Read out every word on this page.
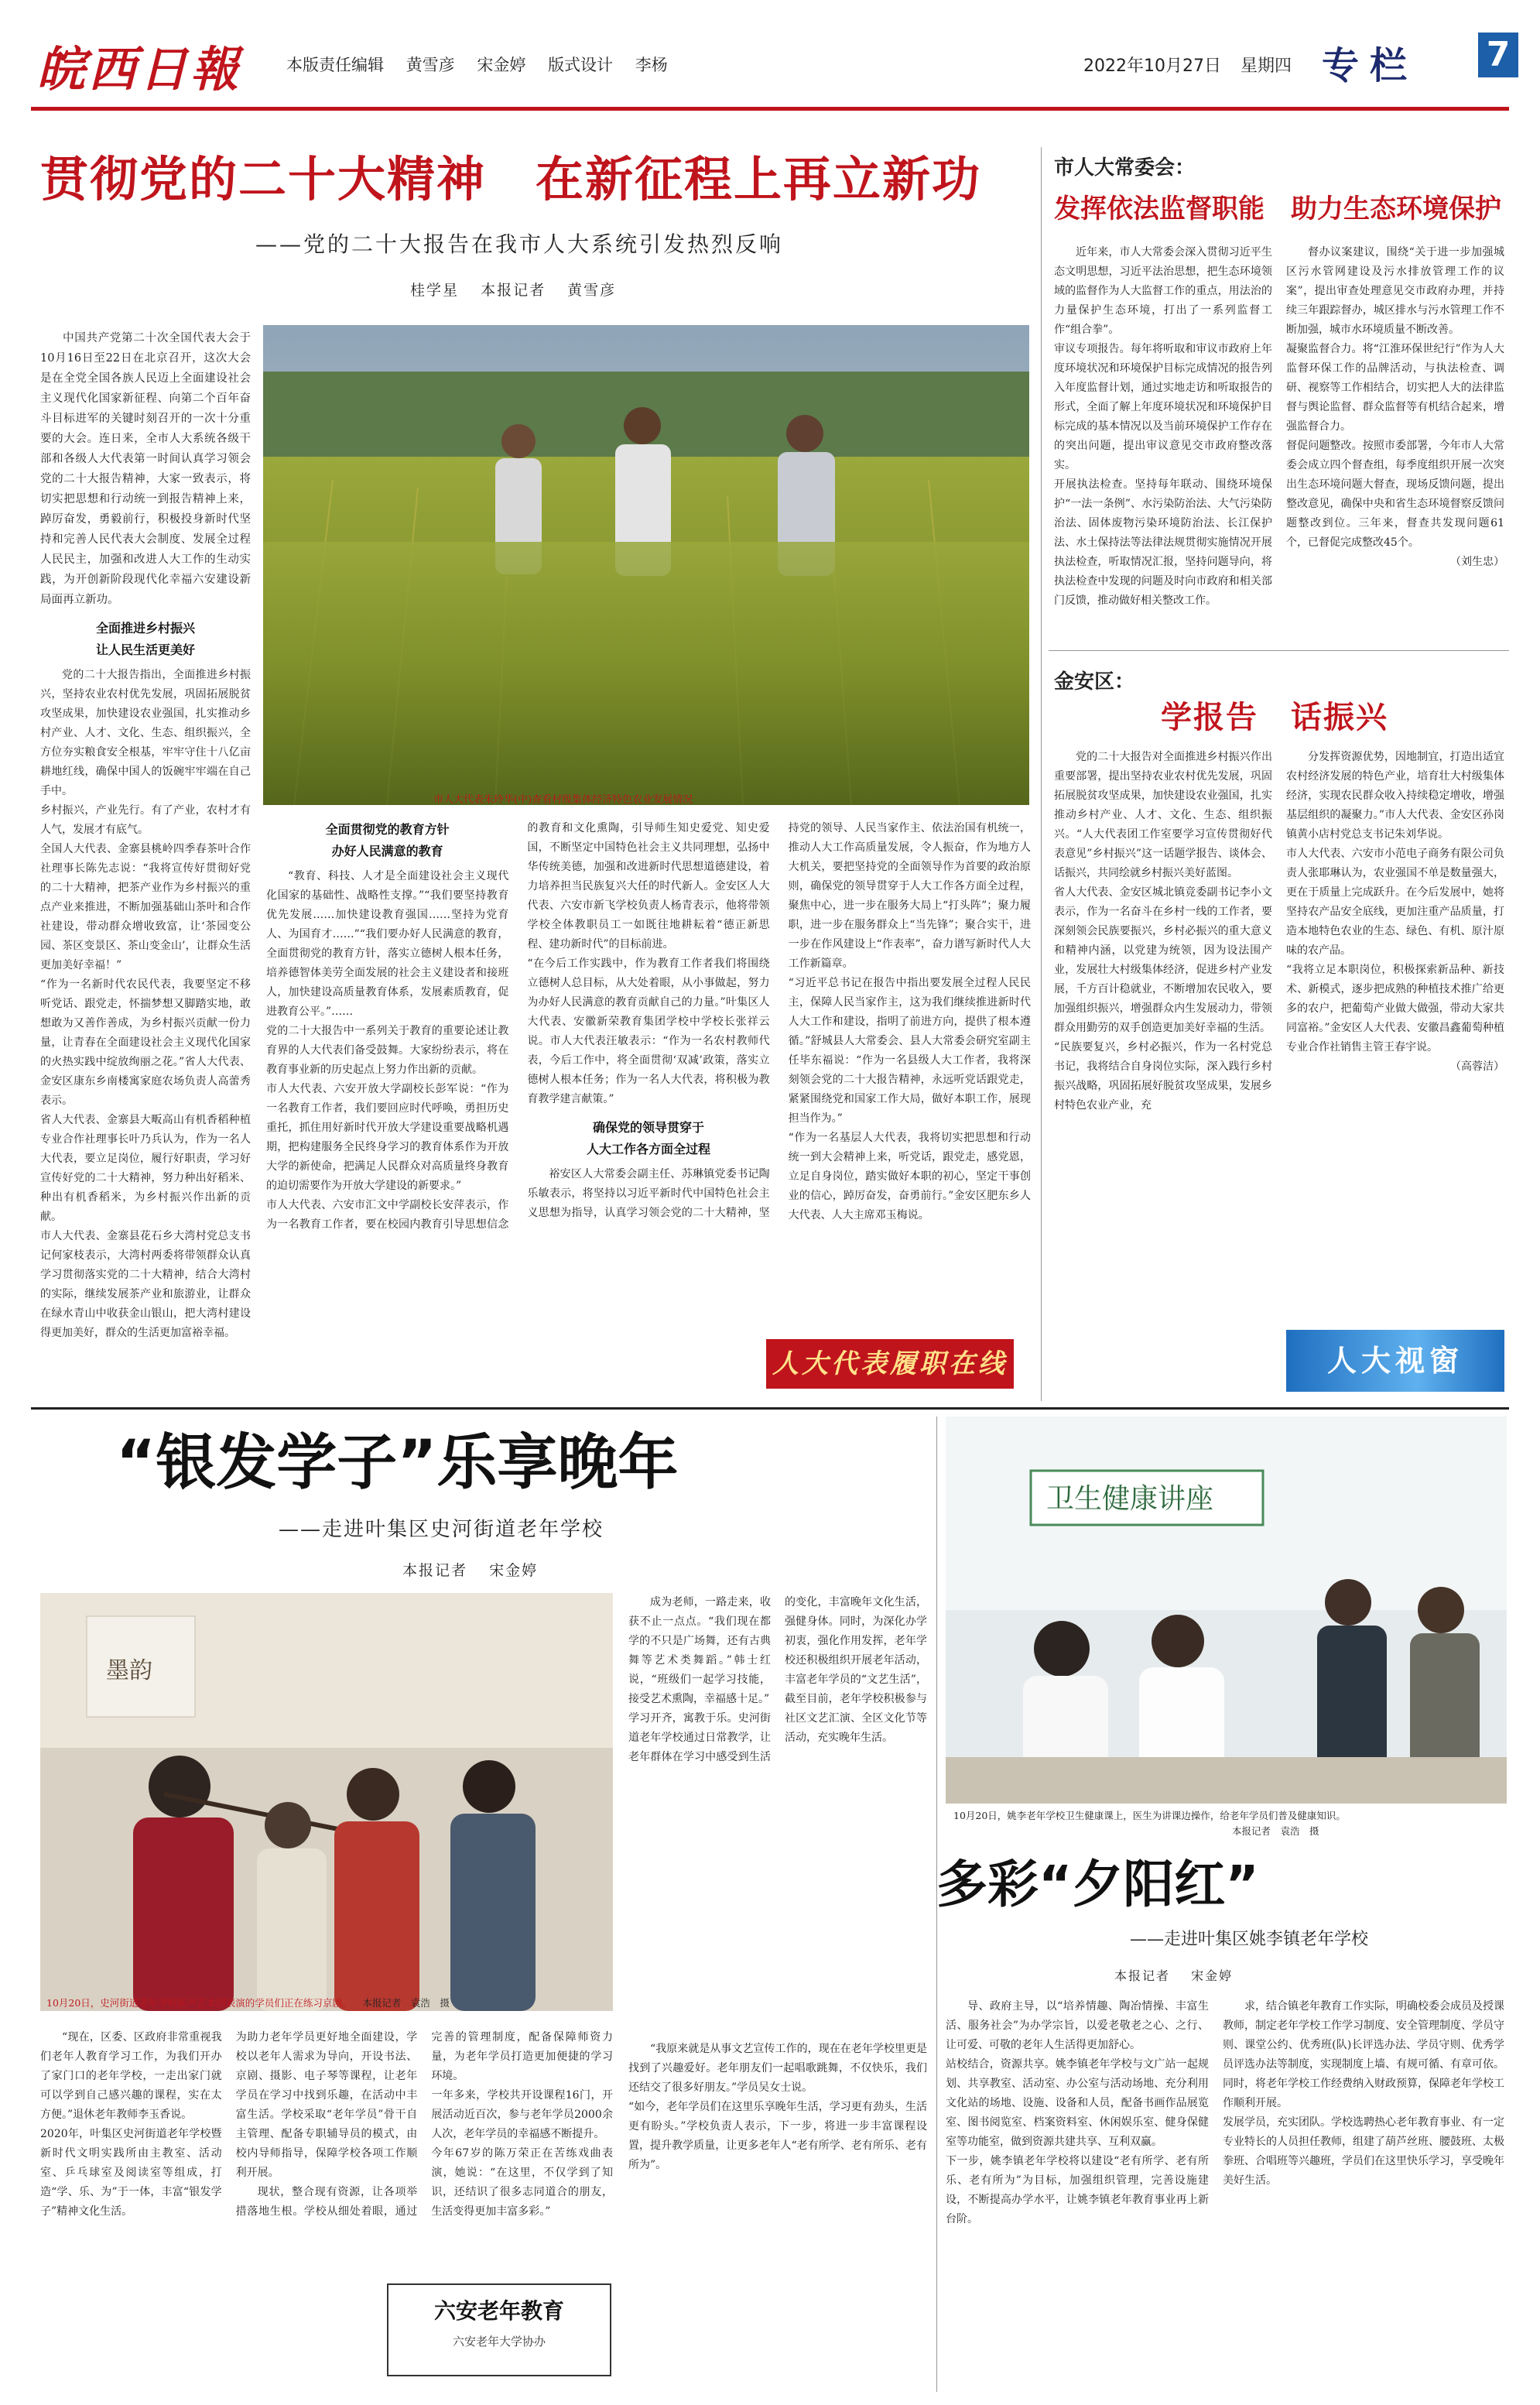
皖西日報	本版责任编辑 黄雪彦 宋金婷 版式设计 李杨	2022年10月27日 星期四 专栏 7
贯彻党的二十大精神　在新征程上再立新功
——党的二十大报告在我市人大系统引发热烈反响
桂学星 本报记者 黄雪彦
市人大代表朱玲华(中)查看村级集体经济特色农业发展情况

中国共产党第二十次全国代表大会于10月16日至22日在北京召开，这次大会是在全党全国各族人民迈上全面建设社会主义现代化国家新征程、向第二个百年奋斗目标进军的关键时刻召开的一次十分重要的大会。连日来，全市人大系统各级干部和各级人大代表第一时间认真学习领会党的二十大报告精神，大家一致表示，将切实把思想和行动统一到报告精神上来，踔厉奋发，勇毅前行，积极投身新时代坚持和完善人民代表大会制度、发展全过程人民民主，加强和改进人大工作的生动实践，为开创新阶段现代化幸福六安建设新局面再立新功。

全面推进乡村振兴
让人民生活更美好

党的二十大报告指出，全面推进乡村振兴，坚持农业农村优先发展，巩固拓展脱贫攻坚成果，加快建设农业强国，扎实推动乡村产业、人才、文化、生态、组织振兴，全方位夯实粮食安全根基，牢牢守住十八亿亩耕地红线，确保中国人的饭碗牢牢端在自己手中。
乡村振兴，产业先行。有了产业，农村才有人气，发展才有底气。
全国人大代表、金寨县桃岭四季春茶叶合作社理事长陈先志说：“我将宣传好贯彻好党的二十大精神，把茶产业作为乡村振兴的重点产业来推进，不断加强基础山茶叶和合作社建设，带动群众增收致富，让‘茶园变公园、茶区变景区、茶山变金山’，让群众生活更加美好幸福！”
“作为一名新时代农民代表，我要坚定不移听党话、跟党走，怀揣梦想又脚踏实地，敢想敢为又善作善成，为乡村振兴贡献一份力量，让青春在全面建设社会主义现代化国家的火热实践中绽放绚丽之花。”省人大代表、金安区康东乡南楼寓家庭农场负责人高蕾秀表示。
省人大代表、金寨县大畈高山有机香稻种植专业合作社理事长叶乃兵认为，作为一名人大代表，要立足岗位，履行好职责，学习好宣传好党的二十大精神，努力种出好稻米、种出有机香稻米，为乡村振兴作出新的贡献。
市人大代表、金寨县花石乡大湾村党总支书记何家枝表示，大湾村两委将带领群众认真学习贯彻落实党的二十大精神，结合大湾村的实际，继续发展茶产业和旅游业，让群众在绿水青山中收获金山银山，把大湾村建设得更加美好，群众的生活更加富裕幸福。

全面贯彻党的教育方针
办好人民满意的教育

“教育、科技、人才是全面建设社会主义现代化国家的基础性、战略性支撑。”“我们要坚持教育优先发展……加快建设教育强国……坚持为党育人、为国育才……”“我们要办好人民满意的教育，全面贯彻党的教育方针，落实立德树人根本任务，培养德智体美劳全面发展的社会主义建设者和接班人，加快建设高质量教育体系，发展素质教育，促进教育公平。”……
党的二十大报告中一系列关于教育的重要论述让教育界的人大代表们备受鼓舞。大家纷纷表示，将在教育事业新的历史起点上努力作出新的贡献。
市人大代表、六安开放大学副校长彭军说：“作为一名教育工作者，我们要回应时代呼唤，勇担历史重托，抓住用好新时代开放大学建设重要战略机遇期，把构建服务全民终身学习的教育体系作为开放大学的新使命，把满足人民群众对高质量终身教育的迫切需要作为开放大学建设的新要求。”
市人大代表、六安市汇文中学副校长安萍表示，作为一名教育工作者，要在校园内教育引导思想信念的教育和文化熏陶，引导师生知史爱党、知史爱国，不断坚定中国特色社会主义共同理想，弘扬中华传统美德，加强和改进新时代思想道德建设，着力培养担当民族复兴大任的时代新人。金安区人大代表、六安市新飞学校负责人杨青表示，他将带领学校全体教职员工一如既往地耕耘着“德正新思程、建功新时代”的目标前进。
“在今后工作实践中，作为教育工作者我们将围绕立德树人总目标，从大处着眼，从小事做起，努力为办好人民满意的教育贡献自己的力量。”叶集区人大代表、安徽新荣教育集团学校中学校长张祥云说。市人大代表汪敏表示：“作为一名农村教师代表，今后工作中，将全面贯彻‘双减’政策，落实立德树人根本任务；作为一名人大代表，将积极为教育教学建言献策。”

确保党的领导贯穿于
人大工作各方面全过程

裕安区人大常委会副主任、苏琳镇党委书记陶乐敏表示，将坚持以习近平新时代中国特色社会主义思想为指导，认真学习领会党的二十大精神，坚持党的领导、人民当家作主、依法治国有机统一，推动人大工作高质量发展，令人振奋，作为地方人大机关，要把坚持党的全面领导作为首要的政治原则，确保党的领导贯穿于人大工作各方面全过程，聚焦中心，进一步在服务大局上“打头阵”；聚力履职，进一步在服务群众上“当先锋”；聚合实干，进一步在作风建设上“作表率”，奋力谱写新时代人大工作新篇章。
“习近平总书记在报告中指出要发展全过程人民民主，保障人民当家作主，这为我们继续推进新时代人大工作和建设，指明了前进方向，提供了根本遵循。”舒城县人大常委会、县人大常委会研究室副主任毕东福说：“作为一名县级人大工作者，我将深刻领会党的二十大报告精神，永远听党话跟党走，紧紧围绕党和国家工作大局，做好本职工作，展现担当作为。”
“作为一名基层人大代表，我将切实把思想和行动统一到大会精神上来，听党话，跟党走，感党恩，立足自身岗位，踏实做好本职的初心，坚定干事创业的信心，踔厉奋发，奋勇前行。”金安区肥东乡人大代表、人大主席邓玉梅说。

人大代表履职在线
市人大常委会：
发挥依法监督职能　助力生态环境保护

近年来，市人大常委会深入贯彻习近平生态文明思想，习近平法治思想，把生态环境领域的监督作为人大监督工作的重点，用法治的力量保护生态环境，打出了一系列监督工作“组合拳”。
审议专项报告。每年将听取和审议市政府上年度环境状况和环境保护目标完成情况的报告列入年度监督计划，通过实地走访和听取报告的形式，全面了解上年度环境状况和环境保护目标完成的基本情况以及当前环境保护工作存在的突出问题，提出审议意见交市政府整改落实。
开展执法检查。坚持每年联动、围绕环境保护“一法一条例”、水污染防治法、大气污染防治法、固体废物污染环境防治法、长江保护法、水土保持法等法律法规贯彻实施情况开展执法检查，听取情况汇报，坚持问题导向，将执法检查中发现的问题及时向市政府和相关部门反馈，推动做好相关整改工作。

督办议案建议，围绕“关于进一步加强城区污水管网建设及污水排放管理工作的议案”，提出审查处理意见交市政府办理，并持续三年跟踪督办，城区排水与污水管理工作不断加强，城市水环境质量不断改善。
凝聚监督合力。将“江淮环保世纪行”作为人大监督环保工作的品牌活动，与执法检查、调研、视察等工作相结合，切实把人大的法律监督与舆论监督、群众监督等有机结合起来，增强监督合力。
督促问题整改。按照市委部署，今年市人大常委会成立四个督查组，每季度组织开展一次突出生态环境问题大督查，现场反馈问题，提出整改意见，确保中央和省生态环境督察反馈问题整改到位。三年来，督查共发现问题61个，已督促完成整改45个。

（刘生忠）
金安区：
学报告　话振兴

党的二十大报告对全面推进乡村振兴作出重要部署，提出坚持农业农村优先发展，巩固拓展脱贫攻坚成果，加快建设农业强国，扎实推动乡村产业、人才、文化、生态、组织振兴。“人大代表团工作室要学习宣传贯彻好代表意见”乡村振兴”这一话题学报告、谈体会、话振兴，共同绘就乡村振兴美好蓝图。
省人大代表、金安区城北镇竞委副书记李小文表示，作为一名奋斗在乡村一线的工作者，要深刻领会民族要振兴，乡村必振兴的重大意义和精神内涵，以党建为统领，因为设法围产业，发展壮大村级集体经济，促进乡村产业发展，千方百计稳就业，不断增加农民收入，要加强组织振兴，增强群众内生发展动力，带领群众用勤劳的双手创造更加美好幸福的生活。
“民族要复兴，乡村必振兴，作为一名村党总书记，我将结合自身岗位实际，深入践行乡村振兴战略，巩固拓展好脱贫攻坚成果，发展乡村特色农业产业，充

分发挥资源优势，因地制宜，打造出适宜农村经济发展的特色产业，培育壮大村级集体经济，实现农民群众收入持续稳定增收，增强基层组织的凝聚力。”市人大代表、金安区孙岗镇黄小店村党总支书记朱刘华说。
市人大代表、六安市小范电子商务有限公司负责人张耶琳认为，农业强国不单是数量强大，更在于质量上完成跃升。在今后发展中，她将坚持农产品安全底线，更加注重产品质量，打造本地特色农业的生态、绿色、有机、原汁原味的农产品。
“我将立足本职岗位，积极探索新品种、新技术、新模式，逐步把成熟的种植技术推广给更多的农户，把葡萄产业做大做强，带动大家共同富裕。”金安区人大代表、安徽昌鑫葡萄种植专业合作社销售主管王春宇说。

（高蓉洁）
人大视窗
“银发学子”乐享晚年
——走进叶集区史河街道老年学校
本报记者 宋金婷
墨韵
10月20日，史河街道老年学校新声艺术团表演的学员们正在练习京剧。 本报记者　袁浩　摄

成为老师，一路走来，收获不止一点点。“我们现在都学的不只是广场舞，还有古典舞等艺术类舞蹈。”韩士红说，“班级们一起学习技能，接受艺术熏陶，幸福感十足。”
学习开齐，寓教于乐。史河街道老年学校通过日常教学，让老年群体在学习中感受到生活的变化，丰富晚年文化生活，强健身体。同时，为深化办学初衷，强化作用发挥，老年学校还积极组织开展老年活动，丰富老年学员的“文艺生活”，截至目前，老年学校积极参与社区文艺汇演、全区文化节等活动，充实晚年生活。

“现在，区委、区政府非常重视我们老年人教育学习工作，为我们开办了家门口的老年学校，一走出家门就可以学到自己感兴趣的课程，实在太方便。”退休老年教师李玉香说。
2020年，叶集区史河街道老年学校暨新时代文明实践所由主教室、活动室、乒乓球室及阅读室等组成，打造“学、乐、为”于一体，丰富“银发学子”精神文化生活。
为助力老年学员更好地全面建设，学校以老年人需求为导向，开设书法、京剧、摄影、电子琴等课程，让老年学员在学习中找到乐趣，在活动中丰富生活。学校采取“老年学员”骨干自主管理、配备专职辅导员的模式，由校内导师指导，保障学校各项工作顺利开展。

现状，整合现有资源，让各项举措落地生根。学校从细处着眼，通过完善的管理制度，配备保障师资力量，为老年学员打造更加便捷的学习环境。
一年多来，学校共开设课程16门，开展活动近百次，参与老年学员2000余人次，老年学员的幸福感不断提升。
今年67岁的陈万荣正在苦练戏曲表演，她说：“在这里，不仅学到了知识，还结识了很多志同道合的朋友，生活变得更加丰富多彩。”

“我原来就是从事文艺宣传工作的，现在在老年学校里更是找到了兴趣爱好。老年朋友们一起唱歌跳舞，不仅快乐，我们还结交了很多好朋友。”学员吴女士说。
“如今，老年学员们在这里乐享晚年生活，学习更有劲头，生活更有盼头。”学校负责人表示，下一步，将进一步丰富课程设置，提升教学质量，让更多老年人“老有所学、老有所乐、老有所为”。

六安老年教育
六安老年大学协办
卫生健康讲座
10月20日，姚李老年学校卫生健康课上，医生为讲课边操作，给老年学员们普及健康知识。
本报记者　袁浩　摄
多彩“夕阳红”
——走进叶集区姚李镇老年学校
本报记者 宋金婷

导、政府主导，以“培养情趣、陶冶情操、丰富生活、服务社会”为办学宗旨，以爱老敬老之心、之行、让可爱、可敬的老年人生活得更加舒心。
站校结合，资源共享。姚李镇老年学校与文广站一起规划、共享教室、活动室、办公室与活动场地、充分利用文化站的场地、设施、设备和人员，配备书画作品展览室、图书阅览室、档案资料室、休闲娱乐室、健身保健室等功能室，做到资源共建共享、互利双赢。
下一步，姚李镇老年学校将以建设“老有所学、老有所乐、老有所为”为目标，加强组织管理，完善设施建设，不断提高办学水平，让姚李镇老年教育事业再上新台阶。

求，结合镇老年教育工作实际，明确校委会成员及授课教师，制定老年学校工作学习制度、安全管理制度、学员守则、课堂公约、优秀班(队)长评选办法、学员守则、优秀学员评选办法等制度，实现制度上墙、有规可循、有章可依。同时，将老年学校工作经费纳入财政预算，保障老年学校工作顺利开展。
发展学员，充实团队。学校选聘热心老年教育事业、有一定专业特长的人员担任教师，组建了葫芦丝班、腰鼓班、太极拳班、合唱班等兴趣班，学员们在这里快乐学习，享受晚年美好生活。
